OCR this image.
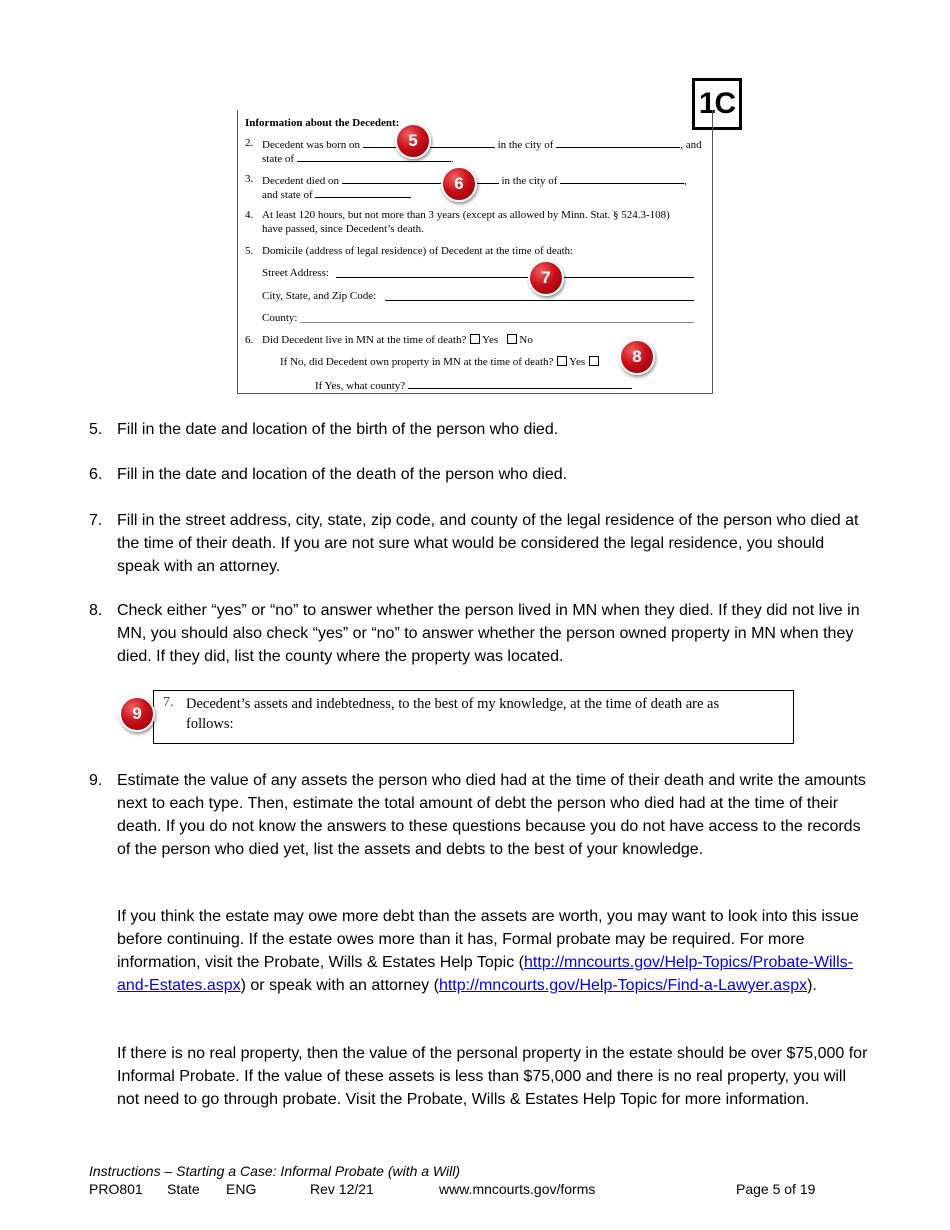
1C
Information about the Decedent:
2. Decedent was born on	in the city of	, and
state of	.
3. Decedent died on	in the city of	,
and state of
4. At least 120 hours, but not more than 3 years (except as allowed by Minn. Stat. § 524.3-108)
have passed, since Decedent’s death.
5. Domicile (address of legal residence) of Decedent at the time of death:
Street Address:
City, State, and Zip Code:
County:
6. Did Decedent live in MN at the time of death? Yes No
If No, did Decedent own property in MN at the time of death? Yes
If Yes, what county?
5
6
7
8
5. Fill in the date and location of the birth of the person who died.
6. Fill in the date and location of the death of the person who died.
7. Fill in the street address, city, state, zip code, and county of the legal residence of the person who died at the time of their death. If you are not sure what would be considered the legal residence, you should speak with an attorney.
8. Check either “yes” or “no” to answer whether the person lived in MN when they died. If they did not live in MN, you should also check “yes” or “no” to answer whether the person owned property in MN when they died. If they did, list the county where the property was located.
7. Decedent’s assets and indebtedness, to the best of my knowledge, at the time of death are as
follows:
9
9. Estimate the value of any assets the person who died had at the time of their death and write the amounts next to each type. Then, estimate the total amount of debt the person who died had at the time of their death. If you do not know the answers to these questions because you do not have access to the records of the person who died yet, list the assets and debts to the best of your knowledge.
If you think the estate may owe more debt than the assets are worth, you may want to look into this issue before continuing. If the estate owes more than it has, Formal probate may be required. For more information, visit the Probate, Wills & Estates Help Topic (http://mncourts.gov/Help-Topics/Probate-Wills-and-Estates.aspx) or speak with an attorney (http://mncourts.gov/Help-Topics/Find-a-Lawyer.aspx).
If there is no real property, then the value of the personal property in the estate should be over $75,000 for Informal Probate. If the value of these assets is less than $75,000 and there is no real property, you will not need to go through probate. Visit the Probate, Wills & Estates Help Topic for more information.
Instructions – Starting a Case: Informal Probate (with a Will)
PRO801 State ENG	Rev 12/21	www.mncourts.gov/forms	Page 5 of 19
